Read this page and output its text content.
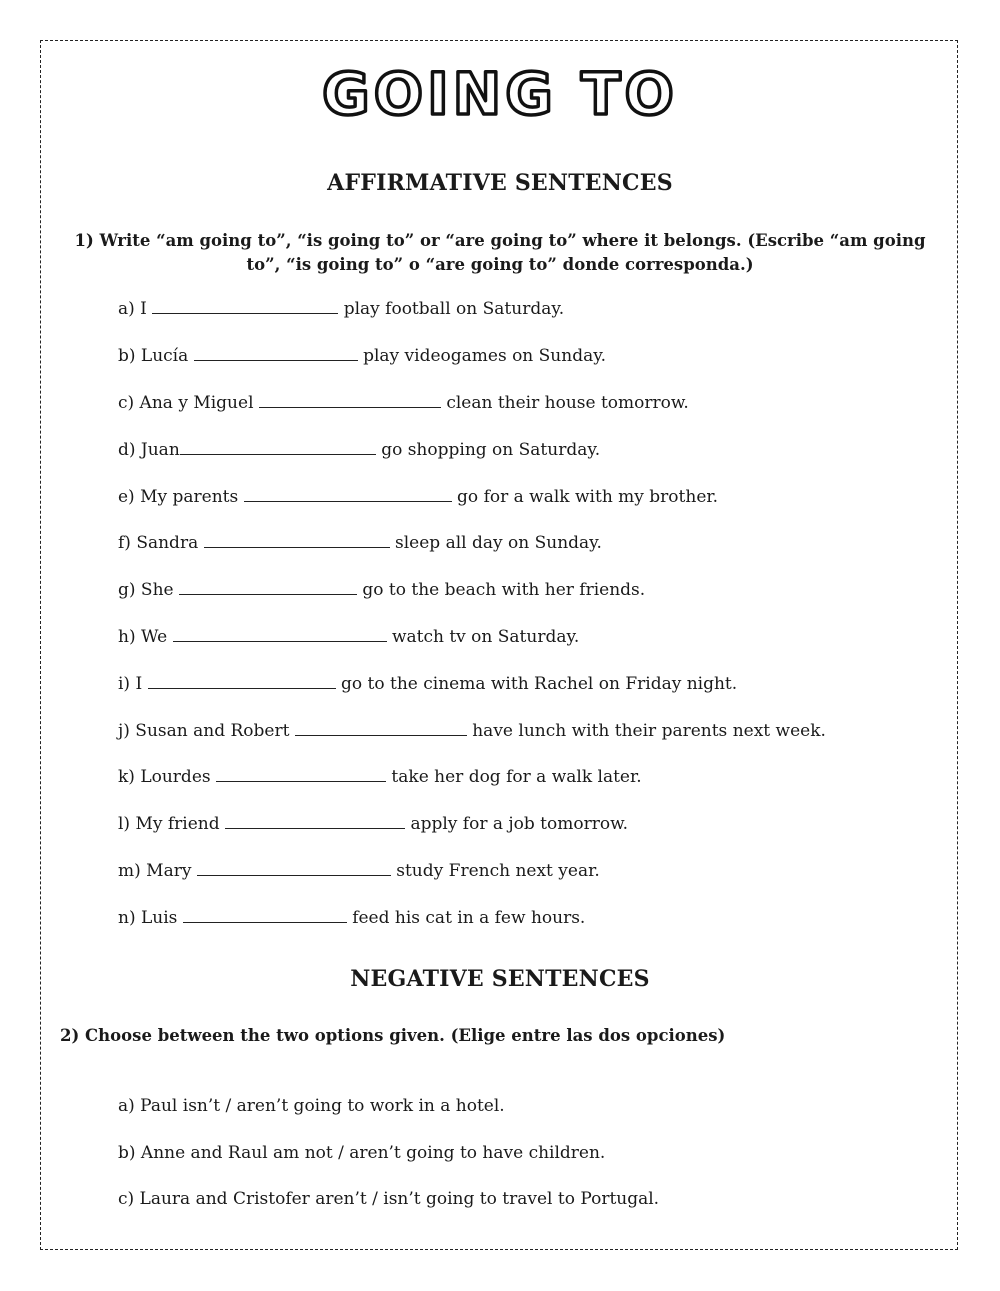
GOING TO
AFFIRMATIVE SENTENCES
1) Write “am going to”, “is going to” or “are going to” where it belongs. (Escribe “am going to”, “is going to” o “are going to” donde corresponda.)
a) I	play football on Saturday.
b) Lucía	play videogames on Sunday.
c) Ana y Miguel	clean their house tomorrow.
d) Juan	go shopping on Saturday.
e) My parents	go for a walk with my brother.
f) Sandra	sleep all day on Sunday.
g) She	go to the beach with her friends.
h) We	watch tv on Saturday.
i) I	go to the cinema with Rachel on Friday night.
j) Susan and Robert	have lunch with their parents next week.
k) Lourdes	take her dog for a walk later.
l) My friend	apply for a job tomorrow.
m) Mary	study French next year.
n) Luis	feed his cat in a few hours.
NEGATIVE SENTENCES
2) Choose between the two options given. (Elige entre las dos opciones)
a) Paul isn’t / aren’t going to work in a hotel.
b) Anne and Raul am not / aren’t going to have children.
c) Laura and Cristofer aren’t / isn’t going to travel to Portugal.
